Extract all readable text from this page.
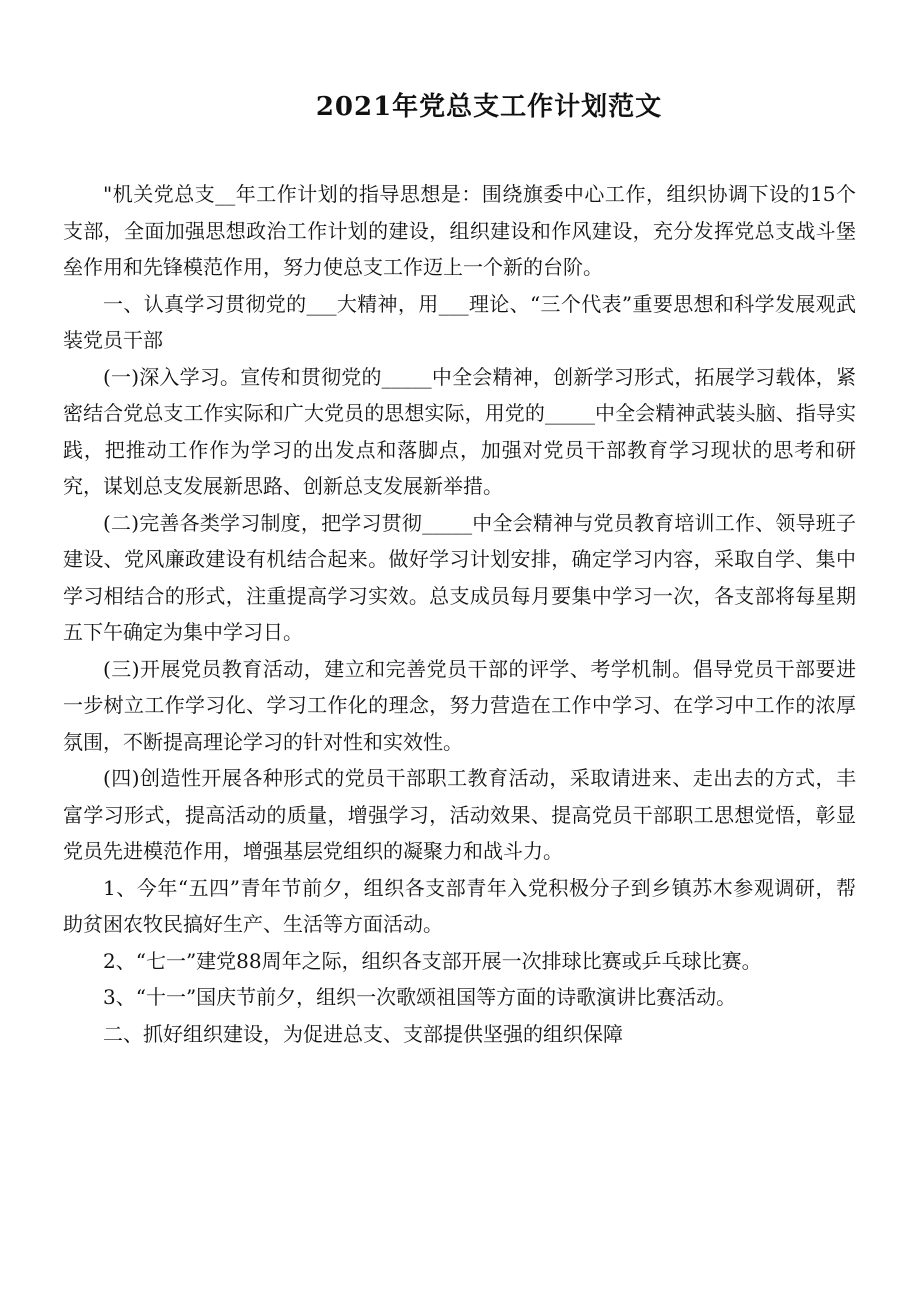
2021年党总支工作计划范文

"机关党总支__年工作计划的指导思想是：围绕旗委中心工作，组织协调下设的15个支部，全面加强思想政治工作计划的建设，组织建设和作风建设，充分发挥党总支战斗堡垒作用和先锋模范作用，努力使总支工作迈上一个新的台阶。

一、认真学习贯彻党的___大精神，用___理论、“三个代表”重要思想和科学发展观武装党员干部

(一)深入学习。宣传和贯彻党的_____中全会精神，创新学习形式，拓展学习载体，紧密结合党总支工作实际和广大党员的思想实际，用党的_____中全会精神武装头脑、指导实践，把推动工作作为学习的出发点和落脚点，加强对党员干部教育学习现状的思考和研究，谋划总支发展新思路、创新总支发展新举措。

(二)完善各类学习制度，把学习贯彻_____中全会精神与党员教育培训工作、领导班子建设、党风廉政建设有机结合起来。做好学习计划安排，确定学习内容，采取自学、集中学习相结合的形式，注重提高学习实效。总支成员每月要集中学习一次，各支部将每星期五下午确定为集中学习日。

(三)开展党员教育活动，建立和完善党员干部的评学、考学机制。倡导党员干部要进一步树立工作学习化、学习工作化的理念，努力营造在工作中学习、在学习中工作的浓厚氛围，不断提高理论学习的针对性和实效性。

(四)创造性开展各种形式的党员干部职工教育活动，采取请进来、走出去的方式，丰富学习形式，提高活动的质量，增强学习，活动效果、提高党员干部职工思想觉悟，彰显党员先进模范作用，增强基层党组织的凝聚力和战斗力。

1、今年“五四”青年节前夕，组织各支部青年入党积极分子到乡镇苏木参观调研，帮助贫困农牧民搞好生产、生活等方面活动。

2、“七一”建党88周年之际，组织各支部开展一次排球比赛或乒乓球比赛。

3、“十一”国庆节前夕，组织一次歌颂祖国等方面的诗歌演讲比赛活动。

二、抓好组织建设，为促进总支、支部提供坚强的组织保障
